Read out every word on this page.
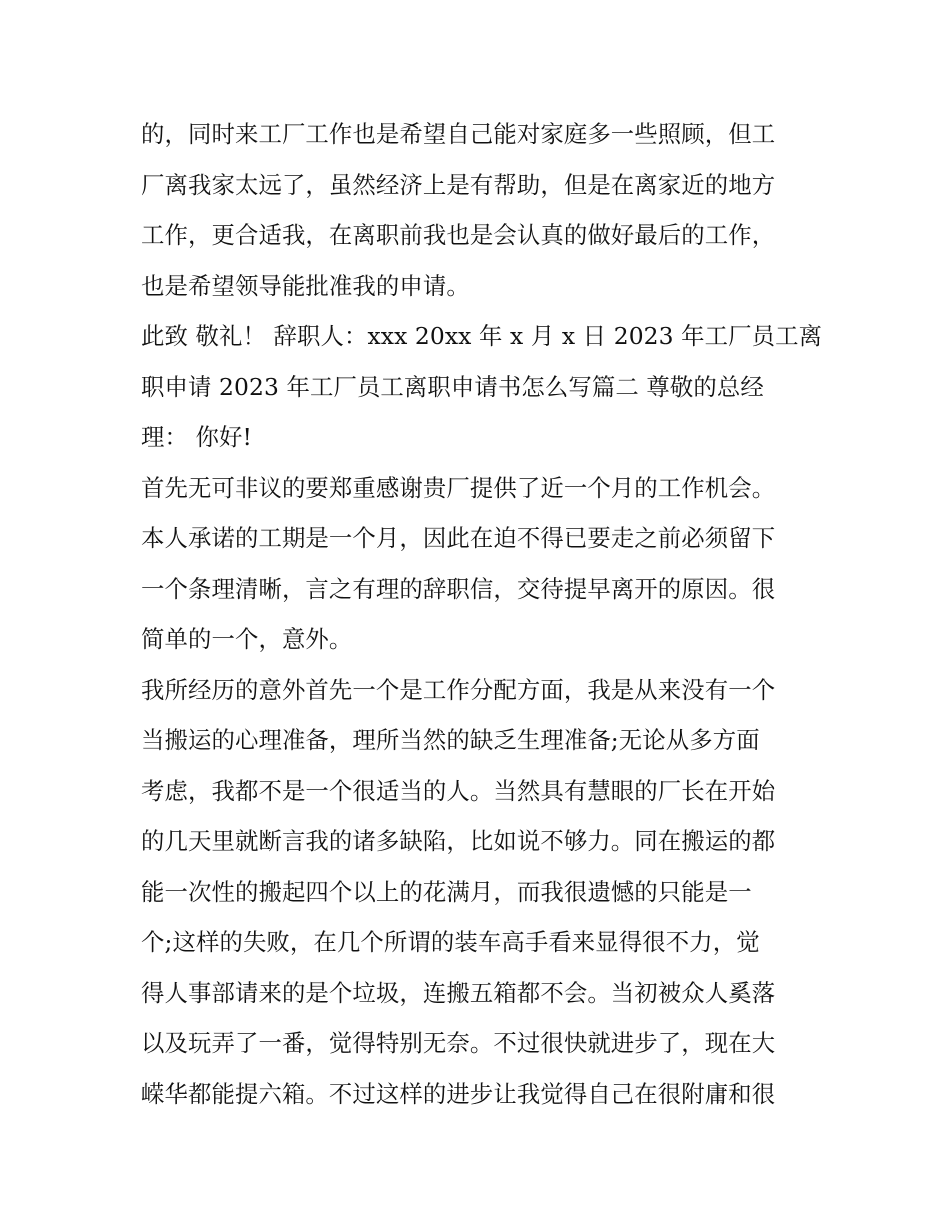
的，同时来工厂工作也是希望自己能对家庭多一些照顾，但工
厂离我家太远了，虽然经济上是有帮助，但是在离家近的地方
工作，更合适我，在离职前我也是会认真的做好最后的工作，
也是希望领导能批准我的申请。
此致 敬礼！ 辞职人：xxx 20xx 年 x 月 x 日 2023 年工厂员工离
职申请 2023 年工厂员工离职申请书怎么写篇二 尊敬的总经
理： 你好!
首先无可非议的要郑重感谢贵厂提供了近一个月的工作机会。
本人承诺的工期是一个月，因此在迫不得已要走之前必须留下
一个条理清晰，言之有理的辞职信，交待提早离开的原因。很
简单的一个，意外。
我所经历的意外首先一个是工作分配方面，我是从来没有一个
当搬运的心理准备，理所当然的缺乏生理准备;无论从多方面
考虑，我都不是一个很适当的人。当然具有慧眼的厂长在开始
的几天里就断言我的诸多缺陷，比如说不够力。同在搬运的都
能一次性的搬起四个以上的花满月，而我很遗憾的只能是一
个;这样的失败，在几个所谓的装车高手看来显得很不力，觉
得人事部请来的是个垃圾，连搬五箱都不会。当初被众人奚落
以及玩弄了一番，觉得特别无奈。不过很快就进步了，现在大
嵘华都能提六箱。不过这样的进步让我觉得自己在很附庸和很
